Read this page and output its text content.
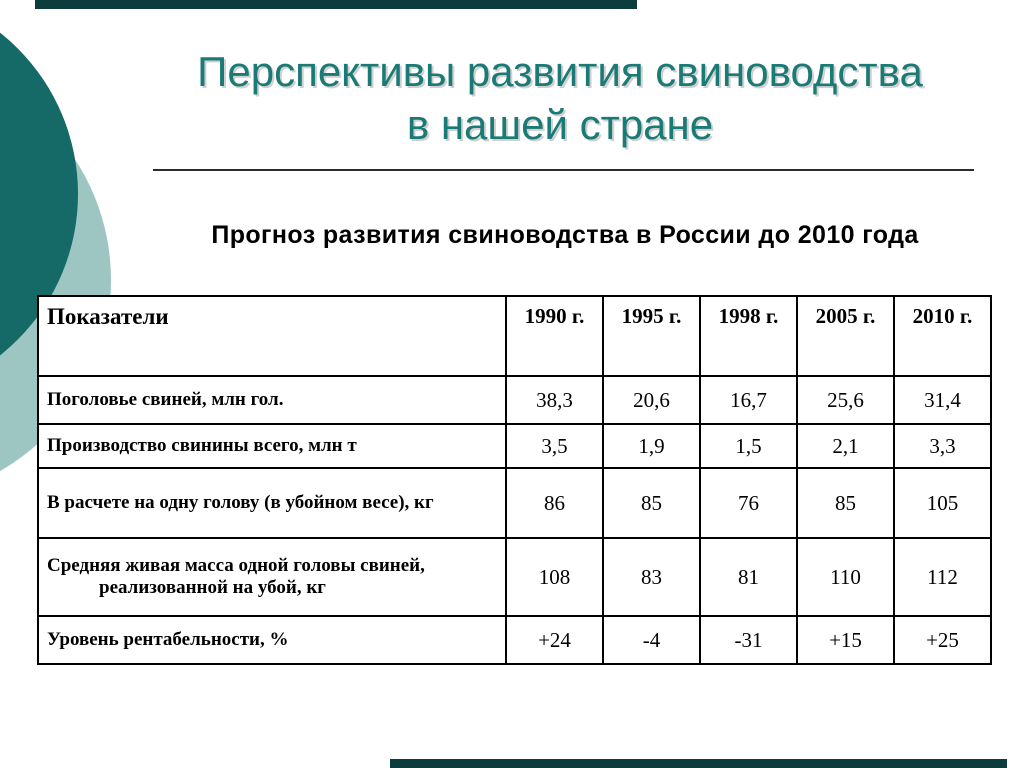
Перспективы развития свиноводства
в нашей стране
Прогноз развития свиноводства в России до 2010 года
Показатели	1990 г.	1995 г.	1998 г.	2005 г.	2010 г.
Поголовье свиней, млн гол.	38,3	20,6	16,7	25,6	31,4
Производство свинины всего, млн т	3,5	1,9	1,5	2,1	3,3
В расчете на одну голову (в убойном весе), кг	86	85	76	85	105
Средняя живая масса одной головы свиней,
реализованной на убой, кг	108	83	81	110	112
Уровень рентабельности, %	+24	-4	-31	+15	+25
